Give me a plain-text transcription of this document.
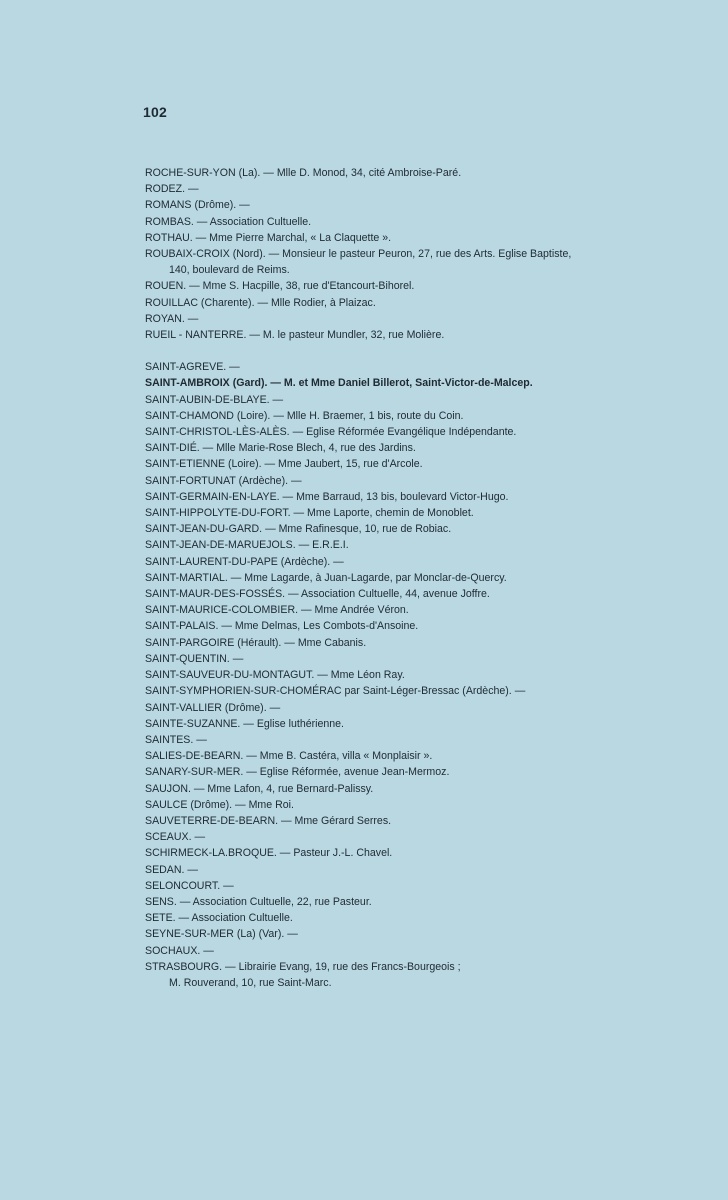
102
ROCHE-SUR-YON (La). — Mlle D. Monod, 34, cité Ambroise-Paré.
RODEZ. —
ROMANS (Drôme). —
ROMBAS. — Association Cultuelle.
ROTHAU. — Mme Pierre Marchal, « La Claquette ».
ROUBAIX-CROIX (Nord). — Monsieur le pasteur Peuron, 27, rue des Arts. Eglise Baptiste,
140, boulevard de Reims.
ROUEN. — Mme S. Hacpille, 38, rue d'Etancourt-Bihorel.
ROUILLAC (Charente). — Mlle Rodier, à Plaizac.
ROYAN. —
RUEIL - NANTERRE. — M. le pasteur Mundler, 32, rue Molière.
SAINT-AGREVE. —
SAINT-AMBROIX (Gard). — M. et Mme Daniel Billerot, Saint-Victor-de-Malcep.
SAINT-AUBIN-DE-BLAYE. —
SAINT-CHAMOND (Loire). — Mlle H. Braemer, 1 bis, route du Coin.
SAINT-CHRISTOL-LÈS-ALÈS. — Eglise Réformée Evangélique Indépendante.
SAINT-DIÉ. — Mlle Marie-Rose Blech, 4, rue des Jardins.
SAINT-ETIENNE (Loire). — Mme Jaubert, 15, rue d'Arcole.
SAINT-FORTUNAT (Ardèche). —
SAINT-GERMAIN-EN-LAYE. — Mme Barraud, 13 bis, boulevard Victor-Hugo.
SAINT-HIPPOLYTE-DU-FORT. — Mme Laporte, chemin de Monoblet.
SAINT-JEAN-DU-GARD. — Mme Rafinesque, 10, rue de Robiac.
SAINT-JEAN-DE-MARUEJOLS. — E.R.E.I.
SAINT-LAURENT-DU-PAPE (Ardèche). —
SAINT-MARTIAL. — Mme Lagarde, à Juan-Lagarde, par Monclar-de-Quercy.
SAINT-MAUR-DES-FOSSÉS. — Association Cultuelle, 44, avenue Joffre.
SAINT-MAURICE-COLOMBIER. — Mme Andrée Véron.
SAINT-PALAIS. — Mme Delmas, Les Combots-d'Ansoine.
SAINT-PARGOIRE (Hérault). — Mme Cabanis.
SAINT-QUENTIN. —
SAINT-SAUVEUR-DU-MONTAGUT. — Mme Léon Ray.
SAINT-SYMPHORIEN-SUR-CHOMÉRAC par Saint-Léger-Bressac (Ardèche). —
SAINT-VALLIER (Drôme). —
SAINTE-SUZANNE. — Eglise luthérienne.
SAINTES. —
SALIES-DE-BEARN. — Mme B. Castéra, villa « Monplaisir ».
SANARY-SUR-MER. — Eglise Réformée, avenue Jean-Mermoz.
SAUJON. — Mme Lafon, 4, rue Bernard-Palissy.
SAULCE (Drôme). — Mme Roi.
SAUVETERRE-DE-BEARN. — Mme Gérard Serres.
SCEAUX. —
SCHIRMECK-LA.BROQUE. — Pasteur J.-L. Chavel.
SEDAN. —
SELONCOURT. —
SENS. — Association Cultuelle, 22, rue Pasteur.
SETE. — Association Cultuelle.
SEYNE-SUR-MER (La) (Var). —
SOCHAUX. —
STRASBOURG. — Librairie Evang, 19, rue des Francs-Bourgeois ;
M. Rouverand, 10, rue Saint-Marc.
